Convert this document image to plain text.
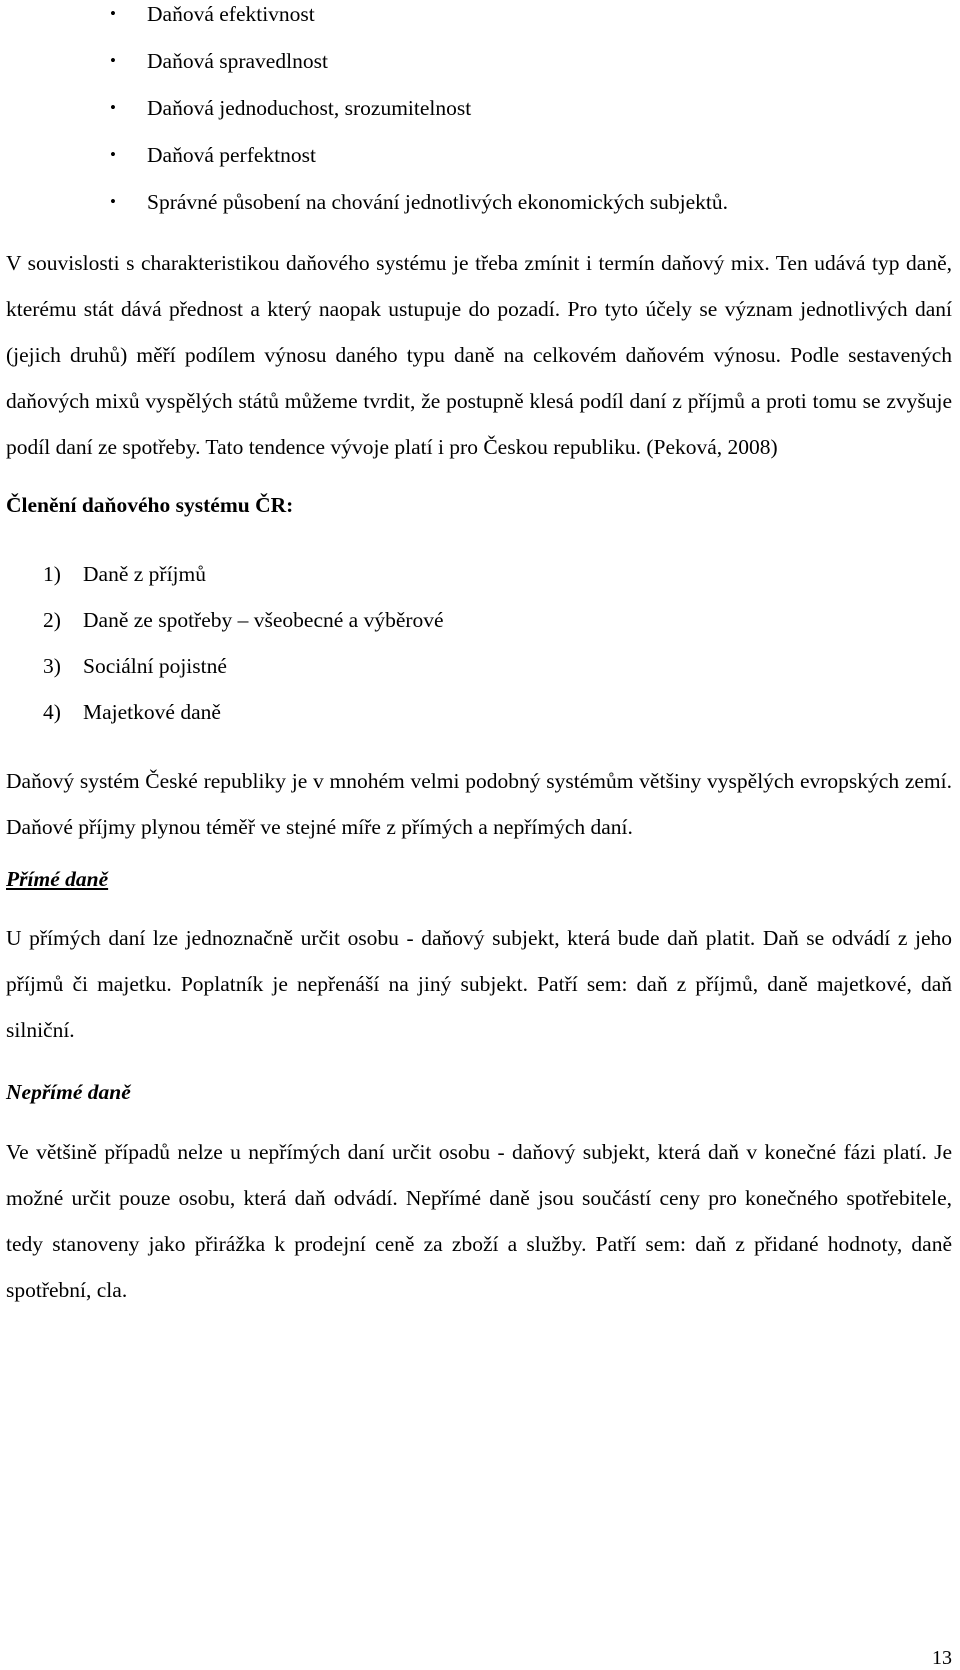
• Daňová efektivnost
• Daňová spravedlnost
• Daňová jednoduchost, srozumitelnost
• Daňová perfektnost
• Správné působení na chování jednotlivých ekonomických subjektů.

V souvislosti s charakteristikou daňového systému je třeba zmínit i termín daňový mix. Ten udává typ daně, kterému stát dává přednost a který naopak ustupuje do pozadí. Pro tyto účely se význam jednotlivých daní (jejich druhů) měří podílem výnosu daného typu daně na celkovém daňovém výnosu. Podle sestavených daňových mixů vyspělých států můžeme tvrdit, že postupně klesá podíl daní z příjmů a proti tomu se zvyšuje podíl daní ze spotřeby. Tato tendence vývoje platí i pro Českou republiku. (Peková, 2008)

Členění daňového systému ČR:
1) Daně z příjmů
2) Daně ze spotřeby – všeobecné a výběrové
3) Sociální pojistné
4) Majetkové daně

Daňový systém České republiky je v mnohém velmi podobný systémům většiny vyspělých evropských zemí. Daňové příjmy plynou téměř ve stejné míře z přímých a nepřímých daní.

Přímé daně

U přímých daní lze jednoznačně určit osobu - daňový subjekt, která bude daň platit. Daň se odvádí z jeho příjmů či majetku. Poplatník je nepřenáší na jiný subjekt. Patří sem: daň z příjmů, daně majetkové, daň silniční.

Nepřímé daně

Ve většině případů nelze u nepřímých daní určit osobu - daňový subjekt, která daň v konečné fázi platí. Je možné určit pouze osobu, která daň odvádí. Nepřímé daně jsou součástí ceny pro konečného spotřebitele, tedy stanoveny jako přirážka k prodejní ceně za zboží a služby. Patří sem: daň z přidané hodnoty, daně spotřební, cla.

13
